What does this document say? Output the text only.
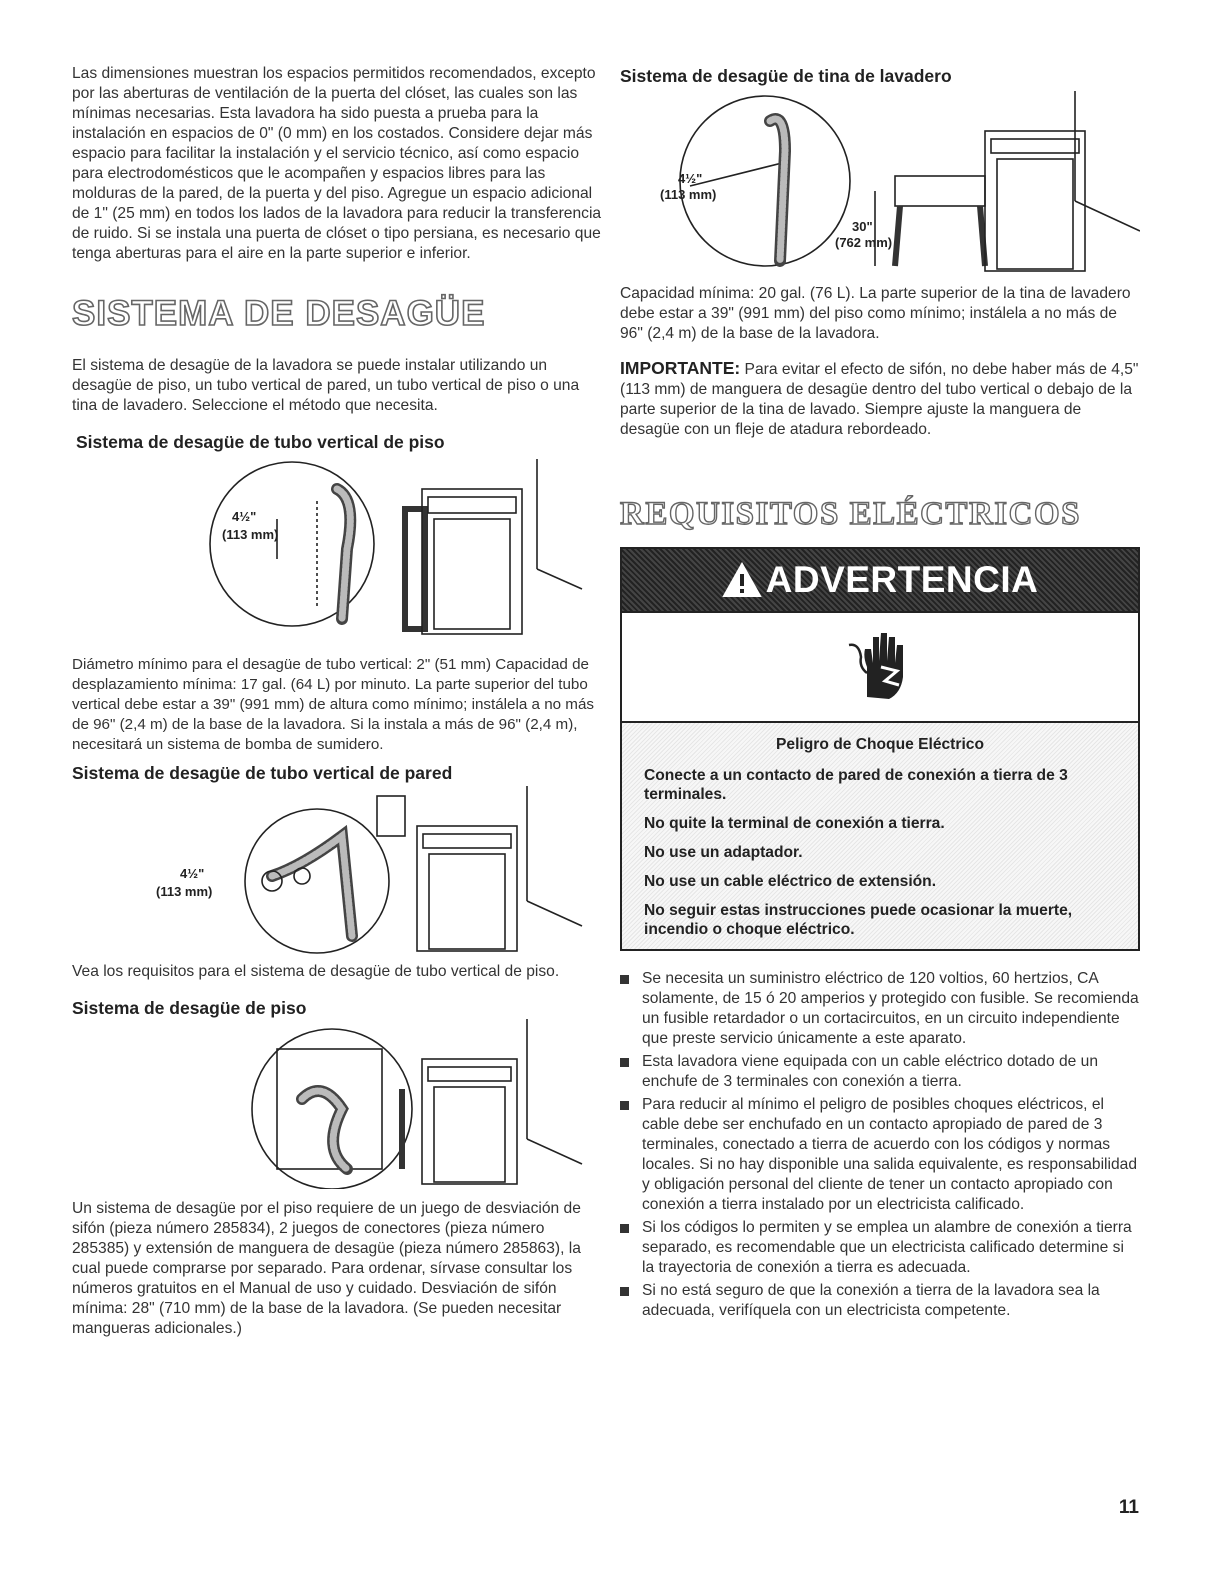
Las dimensiones muestran los espacios permitidos recomendados, excepto por las aberturas de ventilación de la puerta del clóset, las cuales son las mínimas necesarias. Esta lavadora ha sido puesta a prueba para la instalación en espacios de 0" (0 mm) en los costados. Considere dejar más espacio para facilitar la instalación y el servicio técnico, así como espacio para electrodomésticos que le acompañen y espacios libres para las molduras de la pared, de la puerta y del piso. Agregue un espacio adicional de 1" (25 mm) en todos los lados de la lavadora para reducir la transferencia de ruido. Si se instala una puerta de clóset o tipo persiana, es necesario que tenga aberturas para el aire en la parte superior e inferior.

SISTEMA DE DESAGÜE

El sistema de desagüe de la lavadora se puede instalar utilizando un desagüe de piso, un tubo vertical de pared, un tubo vertical de piso o una tina de lavadero. Seleccione el método que necesita.

Sistema de desagüe de tubo vertical de piso
4½"
(113 mm)

Diámetro mínimo para el desagüe de tubo vertical: 2" (51 mm) Capacidad de desplazamiento mínima: 17 gal. (64 L) por minuto. La parte superior del tubo vertical debe estar a 39" (991 mm) de altura como mínimo; instálela a no más de 96" (2,4 m) de la base de la lavadora. Si la instala a más de 96" (2,4 m), necesitará un sistema de bomba de sumidero.

Sistema de desagüe de tubo vertical de pared
4½"
(113 mm)

Vea los requisitos para el sistema de desagüe de tubo vertical de piso.

Sistema de desagüe de piso

Un sistema de desagüe por el piso requiere de un juego de desviación de sifón (pieza número 285834), 2 juegos de conectores (pieza número 285385) y extensión de manguera de desagüe (pieza número 285863), la cual puede comprarse por separado. Para ordenar, sírvase consultar los números gratuitos en el Manual de uso y cuidado. Desviación de sifón mínima: 28" (710 mm) de la base de la lavadora. (Se pueden necesitar mangueras adicionales.)

Sistema de desagüe de tina de lavadero
4½"
(113 mm)
30"
(762 mm)

Capacidad mínima: 20 gal. (76 L). La parte superior de la tina de lavadero debe estar a 39" (991 mm) del piso como mínimo; instálela a no más de 96" (2,4 m) de la base de la lavadora.

IMPORTANTE: Para evitar el efecto de sifón, no debe haber más de 4,5" (113 mm) de manguera de desagüe dentro del tubo vertical o debajo de la parte superior de la tina de lavado. Siempre ajuste la manguera de desagüe con un fleje de atadura rebordeado.

REQUISITOS ELÉCTRICOS
ADVERTENCIA

Peligro de Choque Eléctrico

Conecte a un contacto de pared de conexión a tierra de 3 terminales.

No quite la terminal de conexión a tierra.

No use un adaptador.

No use un cable eléctrico de extensión.

No seguir estas instrucciones puede ocasionar la muerte, incendio o choque eléctrico.

Se necesita un suministro eléctrico de 120 voltios, 60 hertzios, CA solamente, de 15 ó 20 amperios y protegido con fusible. Se recomienda un fusible retardador o un cortacircuitos, en un circuito independiente que preste servicio únicamente a este aparato.
Esta lavadora viene equipada con un cable eléctrico dotado de un enchufe de 3 terminales con conexión a tierra.
Para reducir al mínimo el peligro de posibles choques eléctricos, el cable debe ser enchufado en un contacto apropiado de pared de 3 terminales, conectado a tierra de acuerdo con los códigos y normas locales. Si no hay disponible una salida equivalente, es responsabilidad y obligación personal del cliente de tener un contacto apropiado con conexión a tierra instalado por un electricista calificado.
Si los códigos lo permiten y se emplea un alambre de conexión a tierra separado, es recomendable que un electricista calificado determine si la trayectoria de conexión a tierra es adecuada.
Si no está seguro de que la conexión a tierra de la lavadora sea la adecuada, verifíquela con un electricista competente.
11
